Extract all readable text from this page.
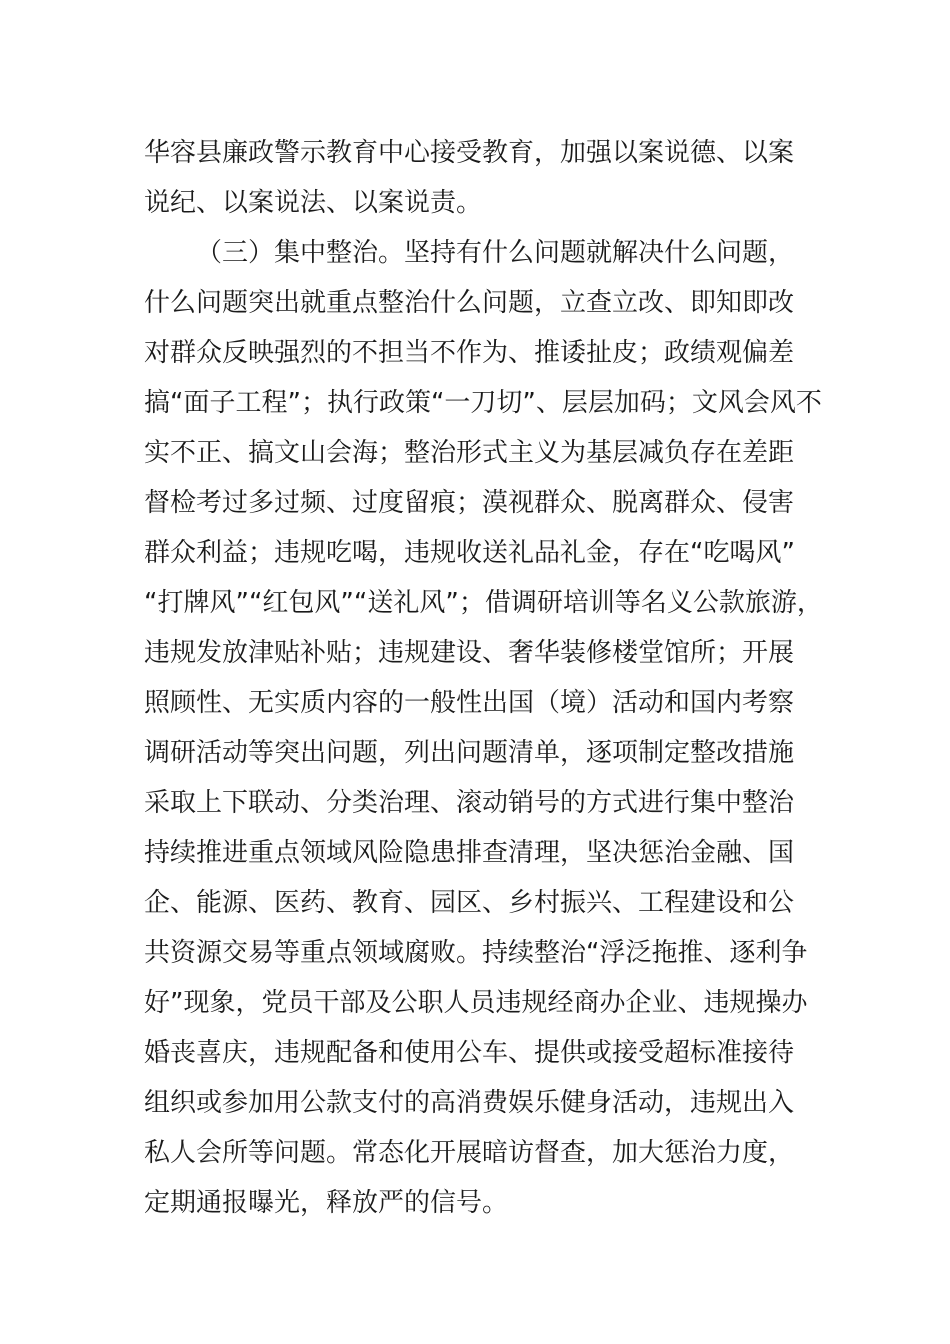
华容县廉政警示教育中心接受教育，加强以案说德、以案
说纪、以案说法、以案说责。
（三）集中整治。坚持有什么问题就解决什么问题，
什么问题突出就重点整治什么问题，立查立改、即知即改
对群众反映强烈的不担当不作为、推诿扯皮；政绩观偏差
搞“面子工程”；执行政策“一刀切”、层层加码；文风会风不
实不正、搞文山会海；整治形式主义为基层减负存在差距
督检考过多过频、过度留痕；漠视群众、脱离群众、侵害
群众利益；违规吃喝，违规收送礼品礼金，存在“吃喝风”
“打牌风”“红包风”“送礼风”；借调研培训等名义公款旅游，
违规发放津贴补贴；违规建设、奢华装修楼堂馆所；开展
照顾性、无实质内容的一般性出国（境）活动和国内考察
调研活动等突出问题，列出问题清单，逐项制定整改措施
采取上下联动、分类治理、滚动销号的方式进行集中整治
持续推进重点领域风险隐患排查清理，坚决惩治金融、国
企、能源、医药、教育、园区、乡村振兴、工程建设和公
共资源交易等重点领域腐败。持续整治“浮泛拖推、逐利争
好”现象，党员干部及公职人员违规经商办企业、违规操办
婚丧喜庆，违规配备和使用公车、提供或接受超标准接待
组织或参加用公款支付的高消费娱乐健身活动，违规出入
私人会所等问题。常态化开展暗访督查，加大惩治力度，
定期通报曝光，释放严的信号。
